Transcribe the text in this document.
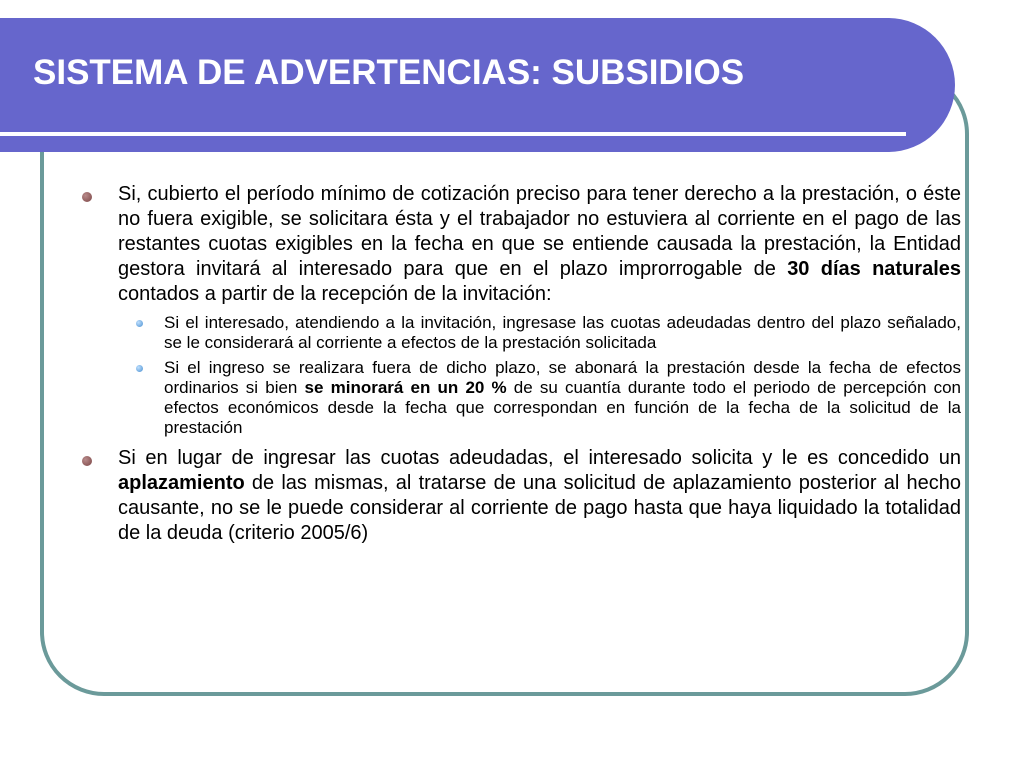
SISTEMA DE ADVERTENCIAS: SUBSIDIOS
Si, cubierto el período mínimo de cotización preciso para tener derecho a la prestación, o éste no fuera exigible, se solicitara ésta y el trabajador no estuviera al corriente en el pago de las restantes cuotas exigibles en la fecha en que se entiende causada la prestación, la Entidad gestora invitará al interesado para que en el plazo improrrogable de 30 días naturales contados a partir de la recepción de la invitación:
Si el interesado, atendiendo a la invitación, ingresase las cuotas adeudadas dentro del plazo señalado, se le considerará al corriente a efectos de la prestación solicitada
Si el ingreso se realizara fuera de dicho plazo, se abonará la prestación desde la fecha de efectos ordinarios si bien se minorará en un 20 % de su cuantía durante todo el periodo de percepción con efectos económicos desde la fecha que correspondan en función de la fecha de la solicitud de la prestación
Si en lugar de ingresar las cuotas adeudadas, el interesado solicita y le es concedido un aplazamiento de las mismas, al tratarse de una solicitud de aplazamiento posterior al hecho causante, no se le puede considerar al corriente de pago hasta que haya liquidado la totalidad de la deuda (criterio 2005/6)
